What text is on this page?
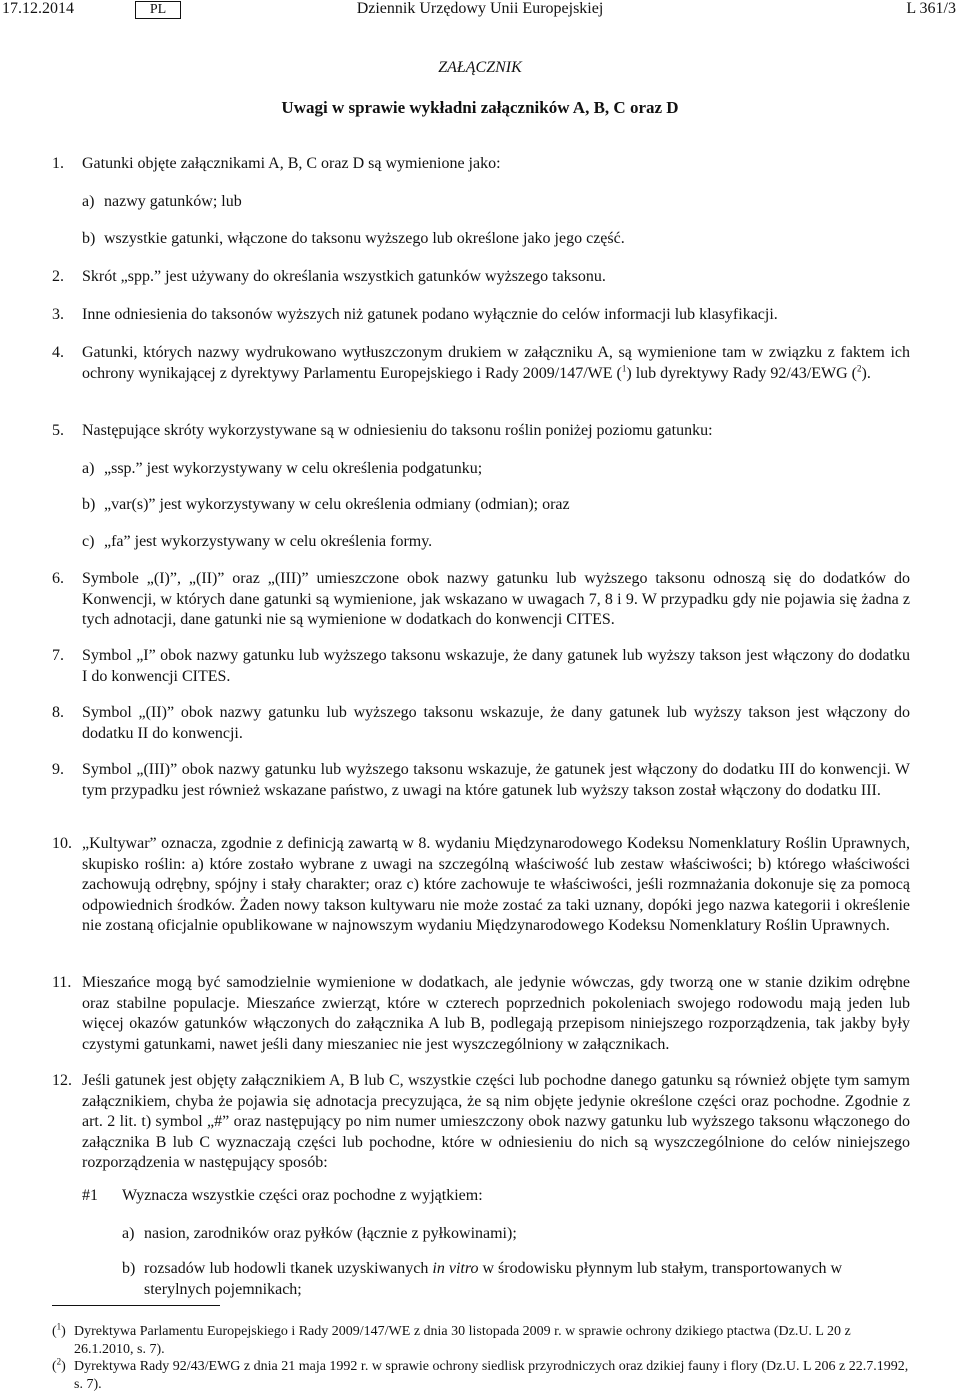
17.12.2014	PL	Dziennik Urzędowy Unii Europejskiej	L 361/3
ZAŁĄCZNIK
Uwagi w sprawie wykładni załączników A, B, C oraz D
1. Gatunki objęte załącznikami A, B, C oraz D są wymienione jako:
a) nazwy gatunków; lub
b) wszystkie gatunki, włączone do taksonu wyższego lub określone jako jego część.
2. Skrót „spp.” jest używany do określania wszystkich gatunków wyższego taksonu.
3. Inne odniesienia do taksonów wyższych niż gatunek podano wyłącznie do celów informacji lub klasyfikacji.
4. Gatunki, których nazwy wydrukowano wytłuszczonym drukiem w załączniku A, są wymienione tam w związku z faktem ich ochrony wynikającej z dyrektywy Parlamentu Europejskiego i Rady 2009/147/WE ($^1$) lub dyrektywy Rady 92/43/EWG ($^2$).
5. Następujące skróty wykorzystywane są w odniesieniu do taksonu roślin poniżej poziomu gatunku:
a) „ssp.” jest wykorzystywany w celu określenia podgatunku;
b) „var(s)” jest wykorzystywany w celu określenia odmiany (odmian); oraz
c) „fa” jest wykorzystywany w celu określenia formy.
6. Symbole „(I)”, „(II)” oraz „(III)” umieszczone obok nazwy gatunku lub wyższego taksonu odnoszą się do dodatków do Konwencji, w których dane gatunki są wymienione, jak wskazano w uwagach 7, 8 i 9. W przypadku gdy nie pojawia się żadna z tych adnotacji, dane gatunki nie są wymienione w dodatkach do konwencji CITES.
7. Symbol „I” obok nazwy gatunku lub wyższego taksonu wskazuje, że dany gatunek lub wyższy takson jest włączony do dodatku I do konwencji CITES.
8. Symbol „(II)” obok nazwy gatunku lub wyższego taksonu wskazuje, że dany gatunek lub wyższy takson jest włączony do dodatku II do konwencji.
9. Symbol „(III)” obok nazwy gatunku lub wyższego taksonu wskazuje, że gatunek jest włączony do dodatku III do konwencji. W tym przypadku jest również wskazane państwo, z uwagi na które gatunek lub wyższy takson został włączony do dodatku III.
10. „Kultywar” oznacza, zgodnie z definicją zawartą w 8. wydaniu Międzynarodowego Kodeksu Nomenklatury Roślin Uprawnych, skupisko roślin: a) które zostało wybrane z uwagi na szczególną właściwość lub zestaw właściwości; b) którego właściwości zachowują odrębny, spójny i stały charakter; oraz c) które zachowuje te właściwości, jeśli rozmnażania dokonuje się za pomocą odpowiednich środków. Żaden nowy takson kultywaru nie może zostać za taki uznany, dopóki jego nazwa kategorii i określenie nie zostaną oficjalnie opublikowane w najnowszym wydaniu Międzynarodowego Kodeksu Nomenklatury Roślin Uprawnych.
11. Mieszańce mogą być samodzielnie wymienione w dodatkach, ale jedynie wówczas, gdy tworzą one w stanie dzikim odrębne oraz stabilne populacje. Mieszańce zwierząt, które w czterech poprzednich pokoleniach swojego rodowodu mają jeden lub więcej okazów gatunków włączonych do załącznika A lub B, podlegają przepisom niniejszego rozporządzenia, tak jakby były czystymi gatunkami, nawet jeśli dany mieszaniec nie jest wyszczególniony w załącznikach.
12. Jeśli gatunek jest objęty załącznikiem A, B lub C, wszystkie części lub pochodne danego gatunku są również objęte tym samym załącznikiem, chyba że pojawia się adnotacja precyzująca, że są nim objęte jedynie określone części oraz pochodne. Zgodnie z art. 2 lit. t) symbol „#” oraz następujący po nim numer umieszczony obok nazwy gatunku lub wyższego taksonu włączonego do załącznika B lub C wyznaczają części lub pochodne, które w odniesieniu do nich są wyszczególnione do celów niniejszego rozporządzenia w następujący sposób:
#1 Wyznacza wszystkie części oraz pochodne z wyjątkiem:
a) nasion, zarodników oraz pyłków (łącznie z pyłkowinami);
b) rozsadów lub hodowli tkanek uzyskiwanych in vitro w środowisku płynnym lub stałym, transportowanych w sterylnych pojemnikach;
($^1$) Dyrektywa Parlamentu Europejskiego i Rady 2009/147/WE z dnia 30 listopada 2009 r. w sprawie ochrony dzikiego ptactwa (Dz.U. L 20 z 26.1.2010, s. 7).
($^2$) Dyrektywa Rady 92/43/EWG z dnia 21 maja 1992 r. w sprawie ochrony siedlisk przyrodniczych oraz dzikiej fauny i flory (Dz.U. L 206 z 22.7.1992, s. 7).
